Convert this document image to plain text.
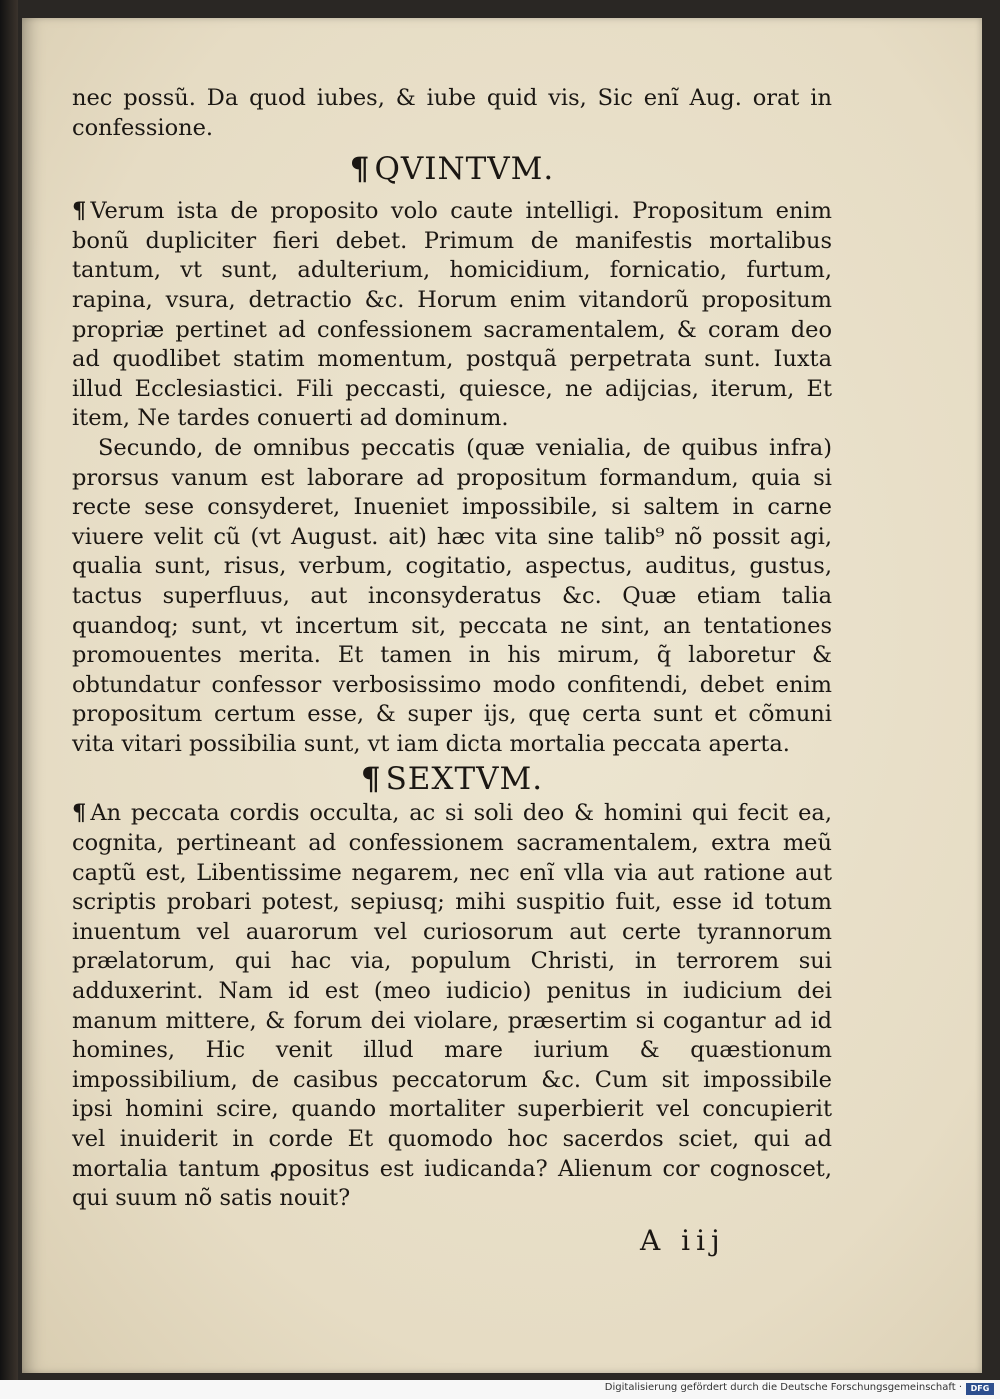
nec possũ. Da quod iubes, & iube quid vis, Sic enĩ Aug. orat in confessione.

¶ QVINTVM.

¶ Verum ista de proposito volo caute intelligi. Propositum enim bonũ dupliciter fieri debet. Primum de manifestis mortalibus tantum, vt sunt, adulterium, homicidium, fornicatio, furtum, rapina, vsura, detractio &c. Horum enim vitandorũ propositum propriæ pertinet ad confessionem sacramentalem, & coram deo ad quodlibet statim momentum, postquã perpetrata sunt. Iuxta illud Ecclesiastici. Fili peccasti, quiesce, ne adijcias, iterum, Et item, Ne tardes conuerti ad dominum.

Secundo, de omnibus peccatis (quæ venialia, de quibus infra) prorsus vanum est laborare ad propositum formandum, quia si recte sese consyderet, Inueniet impossibile, si saltem in carne viuere velit cũ (vt August. ait) hæc vita sine talib⁹ nõ possit agi, qualia sunt, risus, verbum, cogitatio, aspectus, auditus, gustus, tactus superfluus, aut inconsyderatus &c. Quæ etiam talia quandoq; sunt, vt incertum sit, peccata ne sint, an tentationes promouentes merita. Et tamen in his mirum, q̃ laboretur & obtundatur confessor verbosissimo modo confitendi, debet enim propositum certum esse, & super ijs, quę certa sunt et cõmuni vita vitari possibilia sunt, vt iam dicta mortalia peccata aperta.

¶ SEXTVM.

¶ An peccata cordis occulta, ac si soli deo & homini qui fecit ea, cognita, pertineant ad confessionem sacramentalem, extra meũ captũ est, Libentissime negarem, nec enĩ vlla via aut ratione aut scriptis probari potest, sepiusq; mihi suspitio fuit, esse id totum inuentum vel auarorum vel curiosorum aut certe tyrannorum prælatorum, qui hac via, populum Christi, in terrorem sui adduxerint. Nam id est (meo iudicio) penitus in iudicium dei manum mittere, & forum dei violare, præsertim si cogantur ad id homines, Hic venit illud mare iurium & quæstionum impossibilium, de casibus peccatorum &c. Cum sit impossibile ipsi homini scire, quando mortaliter superbierit vel concupierit vel inuiderit in corde Et quomodo hoc sacerdos sciet, qui ad mortalia tantum ꝓpositus est iudicanda? Alienum cor cognoscet, qui suum nõ satis nouit?

A iij
Digitalisierung gefördert durch die Deutsche Forschungsgemeinschaft ·	DFG
